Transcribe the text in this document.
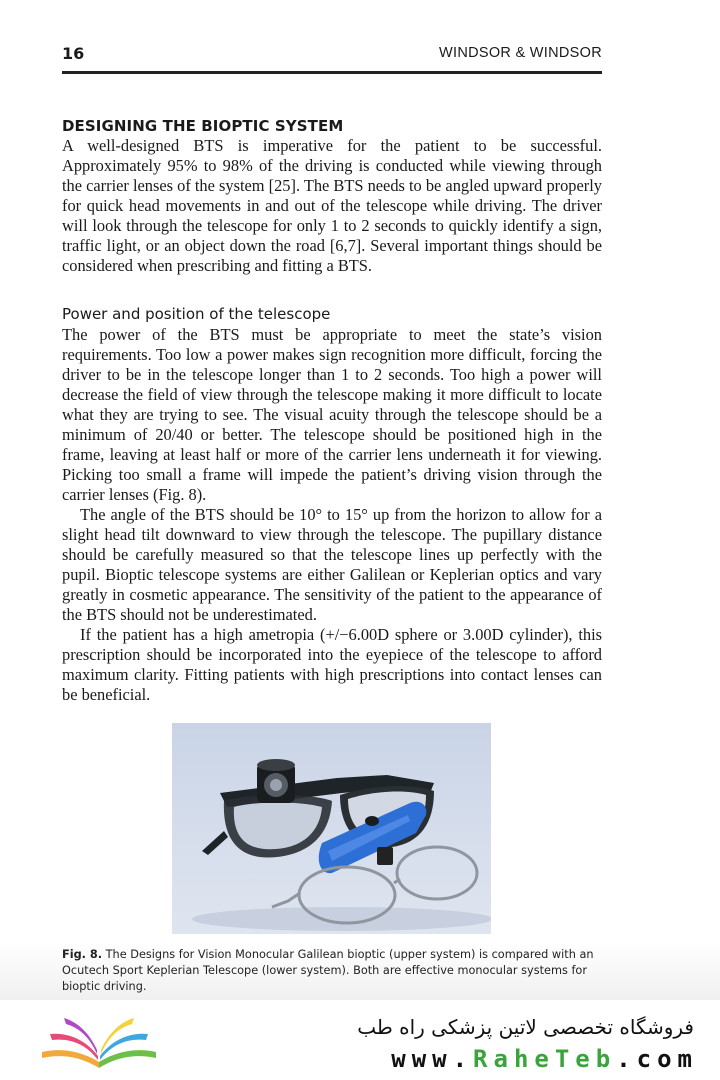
16	WINDSOR & WINDSOR
DESIGNING THE BIOPTIC SYSTEM

A well-designed BTS is imperative for the patient to be successful. Approximately 95% to 98% of the driving is conducted while viewing through the carrier lenses of the system [25]. The BTS needs to be angled upward properly for quick head movements in and out of the telescope while driving. The driver will look through the telescope for only 1 to 2 seconds to quickly identify a sign, traffic light, or an object down the road [6,7]. Several important things should be considered when prescribing and fitting a BTS.

Power and position of the telescope

The power of the BTS must be appropriate to meet the state’s vision requirements. Too low a power makes sign recognition more difficult, forcing the driver to be in the telescope longer than 1 to 2 seconds. Too high a power will decrease the field of view through the telescope making it more difficult to locate what they are trying to see. The visual acuity through the telescope should be a minimum of 20/40 or better. The telescope should be positioned high in the frame, leaving at least half or more of the carrier lens underneath it for viewing. Picking too small a frame will impede the patient’s driving vision through the carrier lenses (Fig. 8).

The angle of the BTS should be 10° to 15° up from the horizon to allow for a slight head tilt downward to view through the telescope. The pupillary distance should be carefully measured so that the telescope lines up perfectly with the pupil. Bioptic telescope systems are either Galilean or Keplerian optics and vary greatly in cosmetic appearance. The sensitivity of the patient to the appearance of the BTS should not be underestimated.

If the patient has a high ametropia (+/−6.00D sphere or 3.00D cylinder), this prescription should be incorporated into the eyepiece of the telescope to afford maximum clarity. Fitting patients with high prescriptions into contact lenses can be beneficial.

Fig. 8. The Designs for Vision Monocular Galilean bioptic (upper system) is compared with an Ocutech Sport Keplerian Telescope (lower system). Both are effective monocular systems for bioptic driving.
فروشگاه تخصصی لاتین پزشکی راه طب
www.RaheTeb.com
